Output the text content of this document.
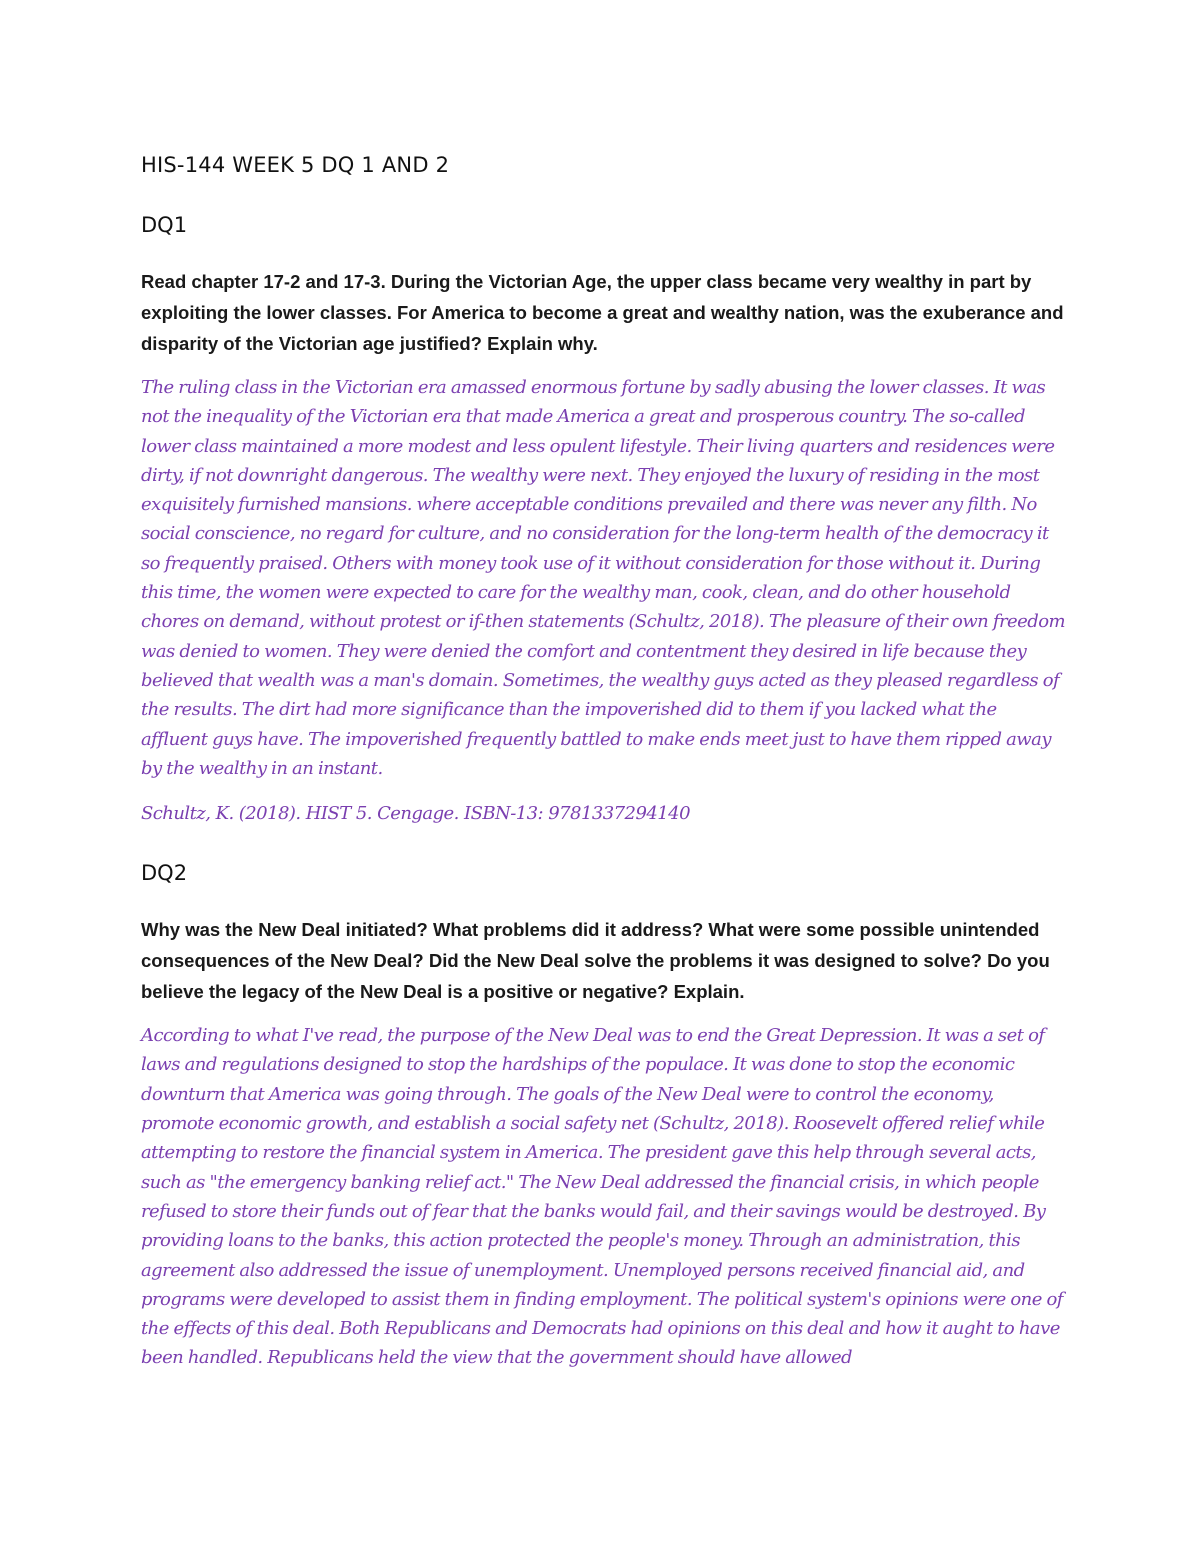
HIS-144 WEEK 5 DQ 1 AND 2
DQ1

Read chapter 17-2 and 17-3. During the Victorian Age, the upper class became very wealthy in part by exploiting the lower classes. For America to become a great and wealthy nation, was the exuberance and disparity of the Victorian age justified? Explain why.

The ruling class in the Victorian era amassed enormous fortune by sadly abusing the lower classes. It was not the inequality of the Victorian era that made America a great and prosperous country. The so-called lower class maintained a more modest and less opulent lifestyle. Their living quarters and residences were dirty, if not downright dangerous. The wealthy were next. They enjoyed the luxury of residing in the most exquisitely furnished mansions. where acceptable conditions prevailed and there was never any filth. No social conscience, no regard for culture, and no consideration for the long-term health of the democracy it so frequently praised. Others with money took use of it without consideration for those without it. During this time, the women were expected to care for the wealthy man, cook, clean, and do other household chores on demand, without protest or if-then statements (Schultz, 2018). The pleasure of their own freedom was denied to women. They were denied the comfort and contentment they desired in life because they believed that wealth was a man's domain. Sometimes, the wealthy guys acted as they pleased regardless of the results. The dirt had more significance than the impoverished did to them if you lacked what the affluent guys have. The impoverished frequently battled to make ends meet just to have them ripped away by the wealthy in an instant.

Schultz, K. (2018). HIST 5. Cengage. ISBN-13: 9781337294140

DQ2

Why was the New Deal initiated? What problems did it address? What were some possible unintended consequences of the New Deal? Did the New Deal solve the problems it was designed to solve? Do you believe the legacy of the New Deal is a positive or negative? Explain.

According to what I've read, the purpose of the New Deal was to end the Great Depression. It was a set of laws and regulations designed to stop the hardships of the populace. It was done to stop the economic downturn that America was going through. The goals of the New Deal were to control the economy, promote economic growth, and establish a social safety net (Schultz, 2018). Roosevelt offered relief while attempting to restore the financial system in America. The president gave this help through several acts, such as "the emergency banking relief act." The New Deal addressed the financial crisis, in which people refused to store their funds out of fear that the banks would fail, and their savings would be destroyed. By providing loans to the banks, this action protected the people's money. Through an administration, this agreement also addressed the issue of unemployment. Unemployed persons received financial aid, and programs were developed to assist them in finding employment. The political system's opinions were one of the effects of this deal. Both Republicans and Democrats had opinions on this deal and how it aught to have been handled. Republicans held the view that the government should have allowed
